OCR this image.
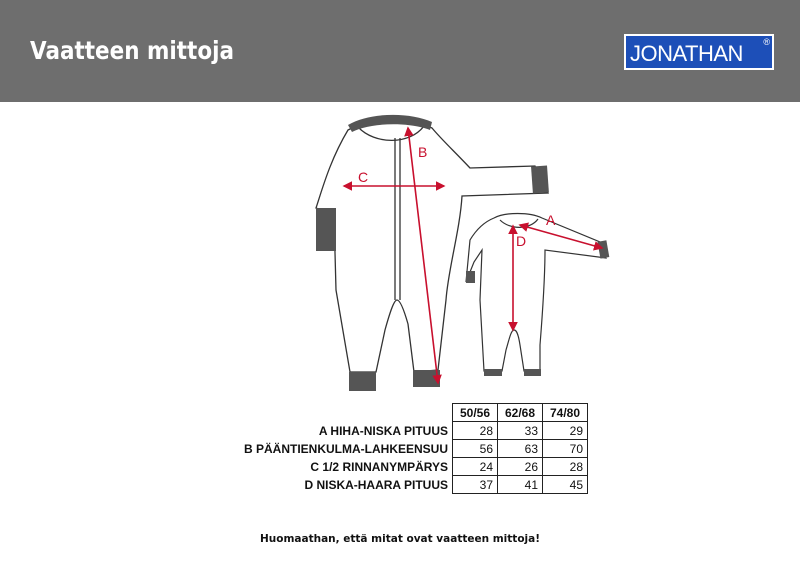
Vaatteen mittoja	JONATHAN ®
B
C
A
D
	50/56	62/68	74/80
A HIHA-NISKA PITUUS	28	33	29
B PÄÄNTIENKULMA-LAHKEENSUU	56	63	70
C 1/2 RINNANYMPÄRYS	24	26	28
D NISKA-HAARA PITUUS	37	41	45
Huomaathan, että mitat ovat vaatteen mittoja!
